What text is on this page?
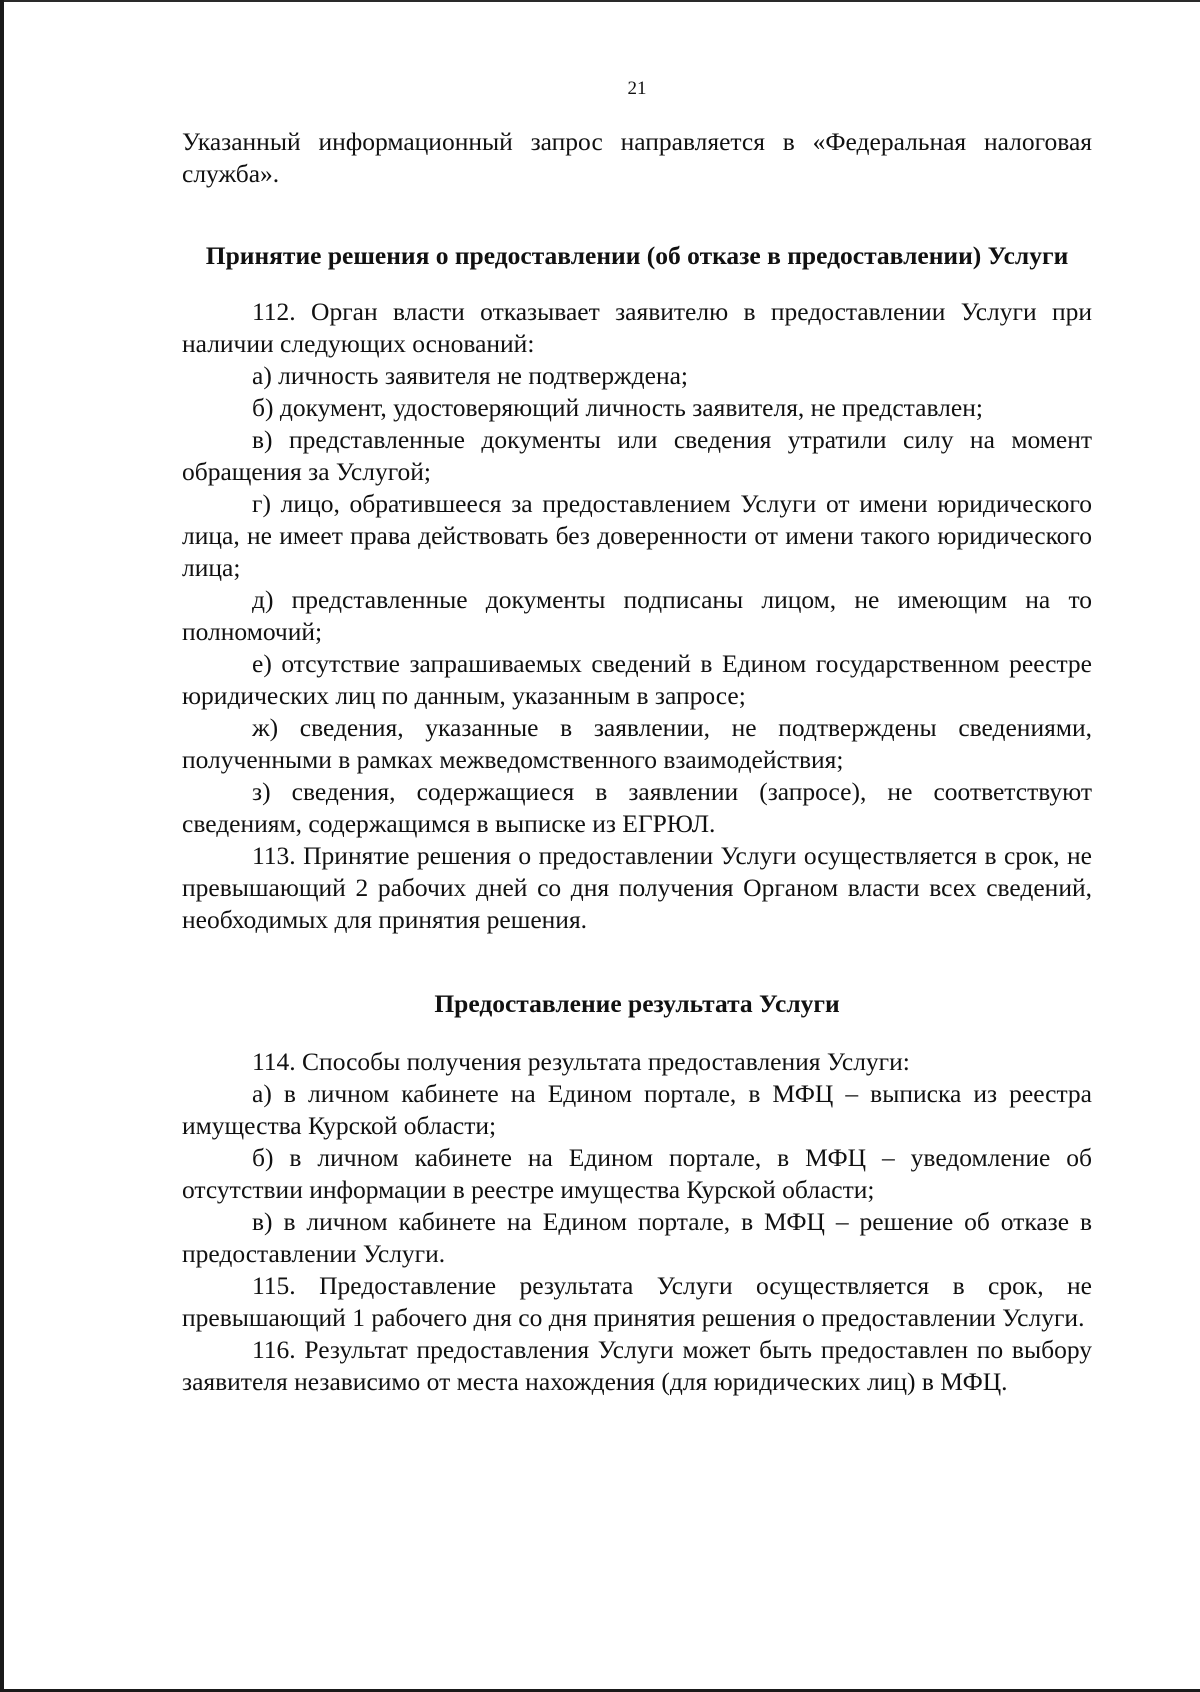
21

Указанный информационный запрос направляется в «Федеральная налоговая служба».

Принятие решения о предоставлении (об отказе в предоставлении) Услуги

112. Орган власти отказывает заявителю в предоставлении Услуги при наличии следующих оснований:

а) личность заявителя не подтверждена;

б) документ, удостоверяющий личность заявителя, не представлен;

в) представленные документы или сведения утратили силу на момент обращения за Услугой;

г) лицо, обратившееся за предоставлением Услуги от имени юридического лица, не имеет права действовать без доверенности от имени такого юридического лица;

д) представленные документы подписаны лицом, не имеющим на то полномочий;

е) отсутствие запрашиваемых сведений в Едином государственном реестре юридических лиц по данным, указанным в запросе;

ж) сведения, указанные в заявлении, не подтверждены сведениями, полученными в рамках межведомственного взаимодействия;

з) сведения, содержащиеся в заявлении (запросе), не соответствуют сведениям, содержащимся в выписке из ЕГРЮЛ.

113. Принятие решения о предоставлении Услуги осуществляется в срок, не превышающий 2 рабочих дней со дня получения Органом власти всех сведений, необходимых для принятия решения.

Предоставление результата Услуги

114. Способы получения результата предоставления Услуги:

а) в личном кабинете на Едином портале, в МФЦ – выписка из реестра имущества Курской области;

б) в личном кабинете на Едином портале, в МФЦ – уведомление об отсутствии информации в реестре имущества Курской области;

в) в личном кабинете на Едином портале, в МФЦ – решение об отказе в предоставлении Услуги.

115. Предоставление результата Услуги осуществляется в срок, не превышающий 1 рабочего дня со дня принятия решения о предоставлении Услуги.

116. Результат предоставления Услуги может быть предоставлен по выбору заявителя независимо от места нахождения (для юридических лиц) в МФЦ.
